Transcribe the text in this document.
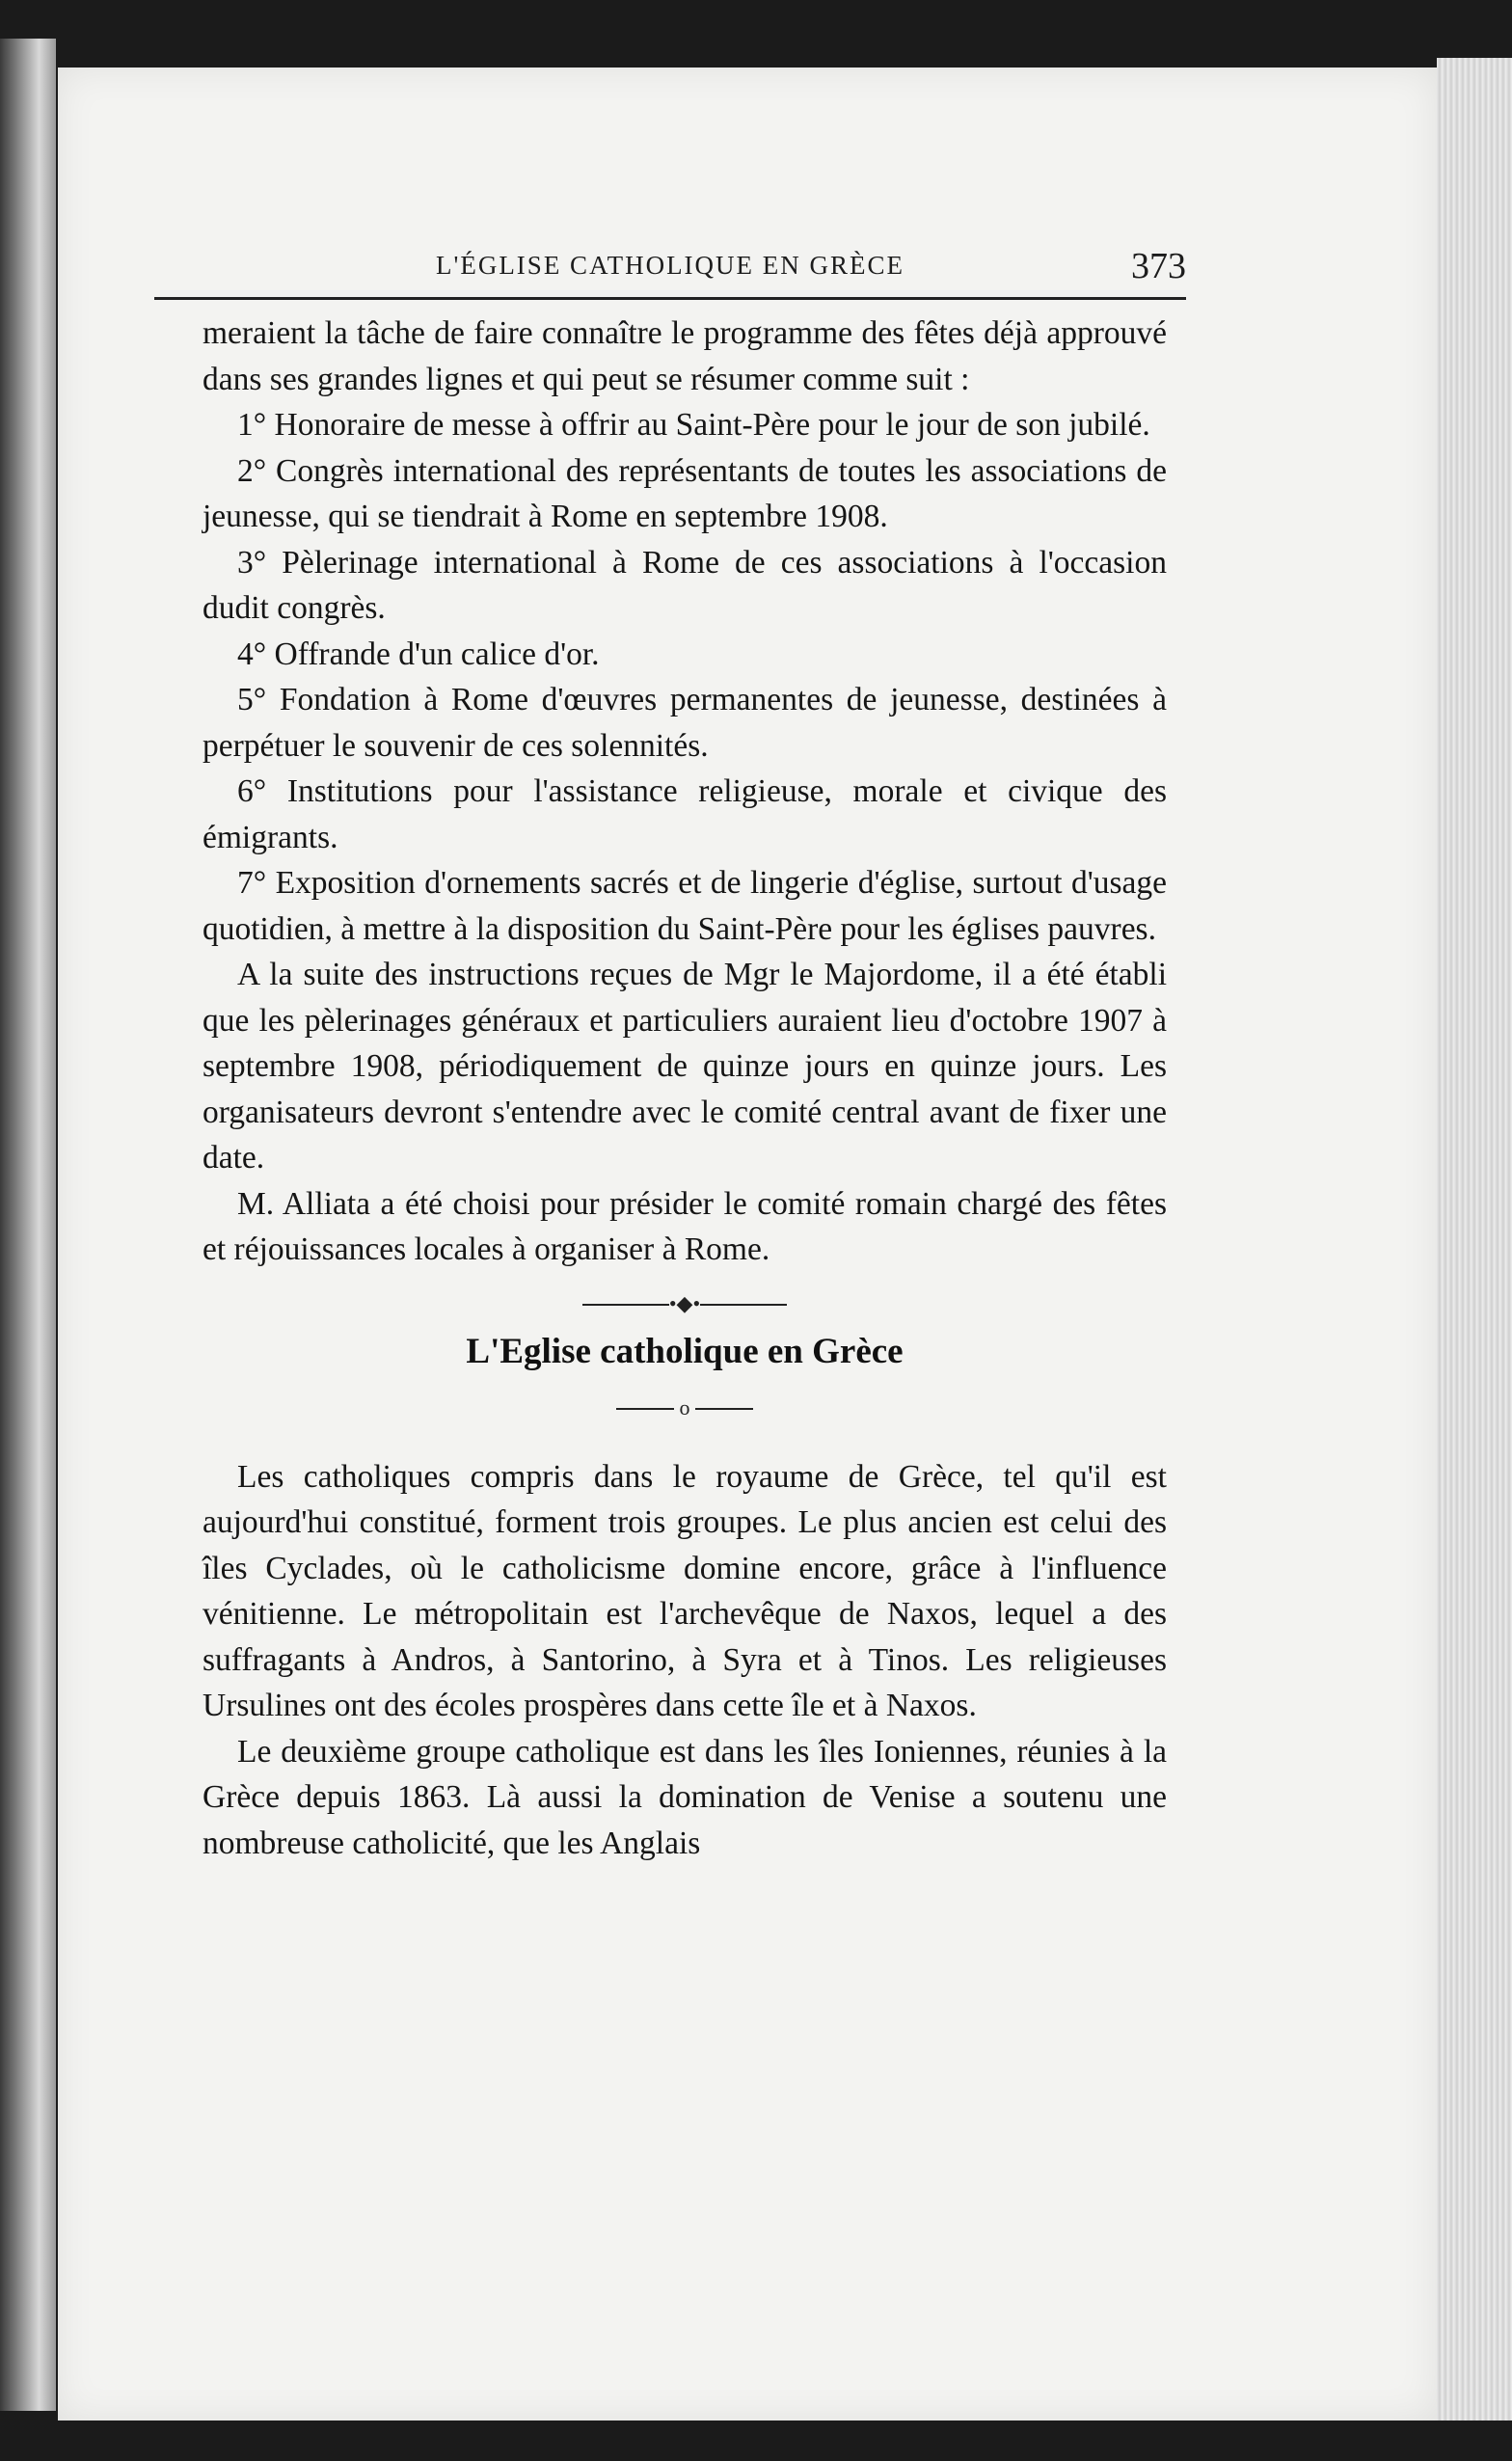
L'ÉGLISE CATHOLIQUE EN GRÈCE	373

meraient la tâche de faire connaître le programme des fêtes déjà approuvé dans ses grandes lignes et qui peut se résumer comme suit :

1° Honoraire de messe à offrir au Saint-Père pour le jour de son jubilé.

2° Congrès international des représentants de toutes les associations de jeunesse, qui se tiendrait à Rome en septembre 1908.

3° Pèlerinage international à Rome de ces associations à l'occasion dudit congrès.

4° Offrande d'un calice d'or.

5° Fondation à Rome d'œuvres permanentes de jeunesse, destinées à perpétuer le souvenir de ces solennités.

6° Institutions pour l'assistance religieuse, morale et civique des émigrants.

7° Exposition d'ornements sacrés et de lingerie d'église, surtout d'usage quotidien, à mettre à la disposition du Saint-Père pour les églises pauvres.

A la suite des instructions reçues de Mgr le Majordome, il a été établi que les pèlerinages généraux et particuliers auraient lieu d'octobre 1907 à septembre 1908, périodiquement de quinze jours en quinze jours. Les organisateurs devront s'entendre avec le comité central avant de fixer une date.

M. Alliata a été choisi pour présider le comité romain chargé des fêtes et réjouissances locales à organiser à Rome.

•◆•
L'Eglise catholique en Grèce
o

Les catholiques compris dans le royaume de Grèce, tel qu'il est aujourd'hui constitué, forment trois groupes. Le plus ancien est celui des îles Cyclades, où le catholicisme domine encore, grâce à l'influence vénitienne. Le métropolitain est l'archevêque de Naxos, lequel a des suffragants à Andros, à Santorino, à Syra et à Tinos. Les religieuses Ursulines ont des écoles prospères dans cette île et à Naxos.

Le deuxième groupe catholique est dans les îles Ioniennes, réunies à la Grèce depuis 1863. Là aussi la domination de Venise a soutenu une nombreuse catholicité, que les Anglais
